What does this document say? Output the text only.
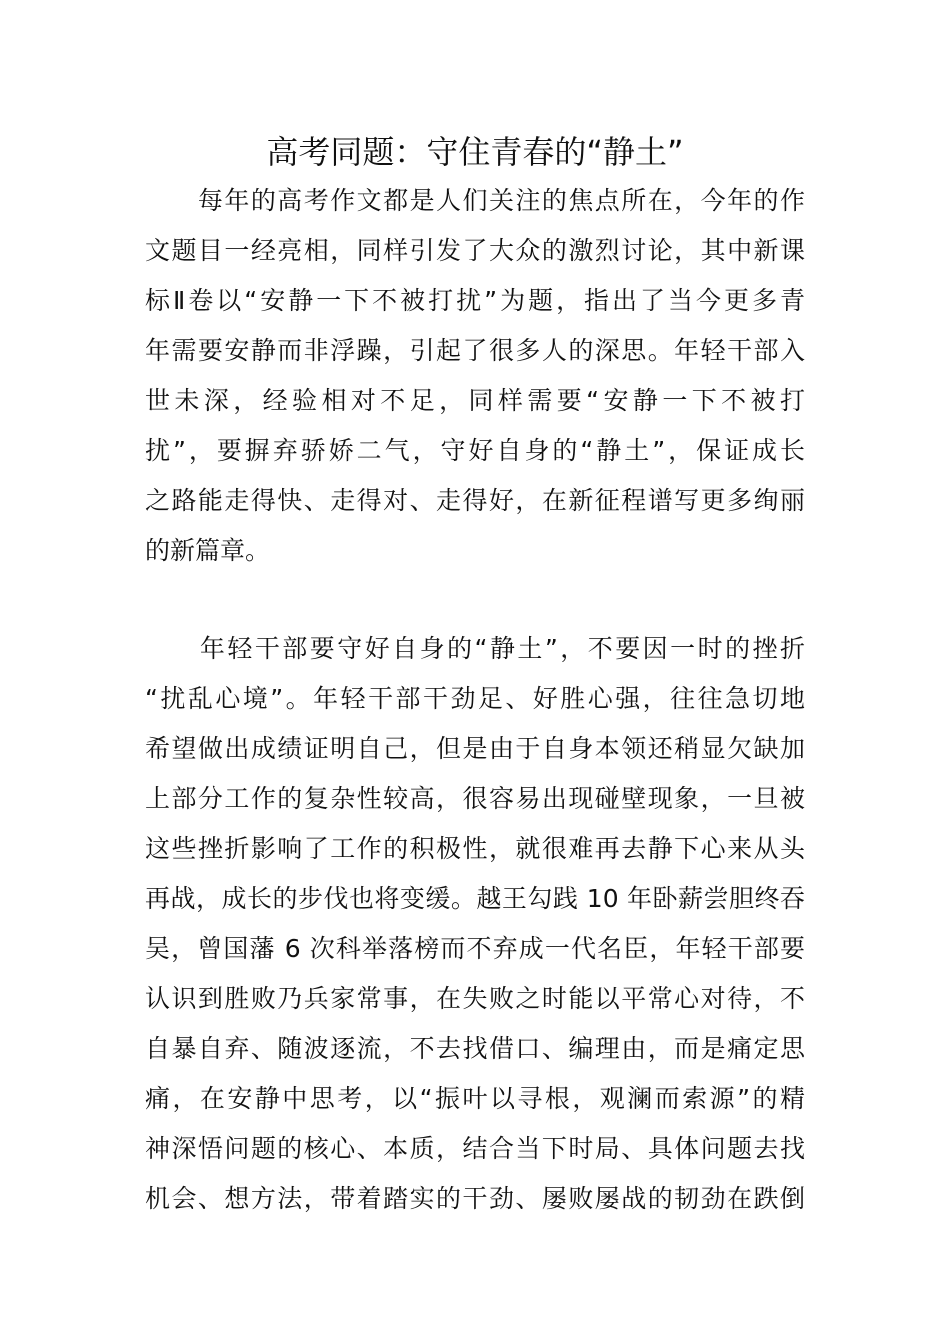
高考同题：守住青春的“静土”
　　每年的高考作文都是人们关注的焦点所在，今年的作
文题目一经亮相，同样引发了大众的激烈讨论，其中新课
标Ⅱ卷以“安静一下不被打扰”为题，指出了当今更多青
年需要安静而非浮躁，引起了很多人的深思。年轻干部入
世未深，经验相对不足，同样需要“安静一下不被打
扰”，要摒弃骄娇二气，守好自身的“静土”，保证成长
之路能走得快、走得对、走得好，在新征程谱写更多绚丽
的新篇章。
　　年轻干部要守好自身的“静土”，不要因一时的挫折
“扰乱心境”。年轻干部干劲足、好胜心强，往往急切地
希望做出成绩证明自己，但是由于自身本领还稍显欠缺加
上部分工作的复杂性较高，很容易出现碰壁现象，一旦被
这些挫折影响了工作的积极性，就很难再去静下心来从头
再战，成长的步伐也将变缓。越王勾践 10 年卧薪尝胆终吞
吴，曾国藩 6 次科举落榜而不弃成一代名臣，年轻干部要
认识到胜败乃兵家常事，在失败之时能以平常心对待，不
自暴自弃、随波逐流，不去找借口、编理由，而是痛定思
痛，在安静中思考，以“振叶以寻根，观澜而索源”的精
神深悟问题的核心、本质，结合当下时局、具体问题去找
机会、想方法，带着踏实的干劲、屡败屡战的韧劲在跌倒
